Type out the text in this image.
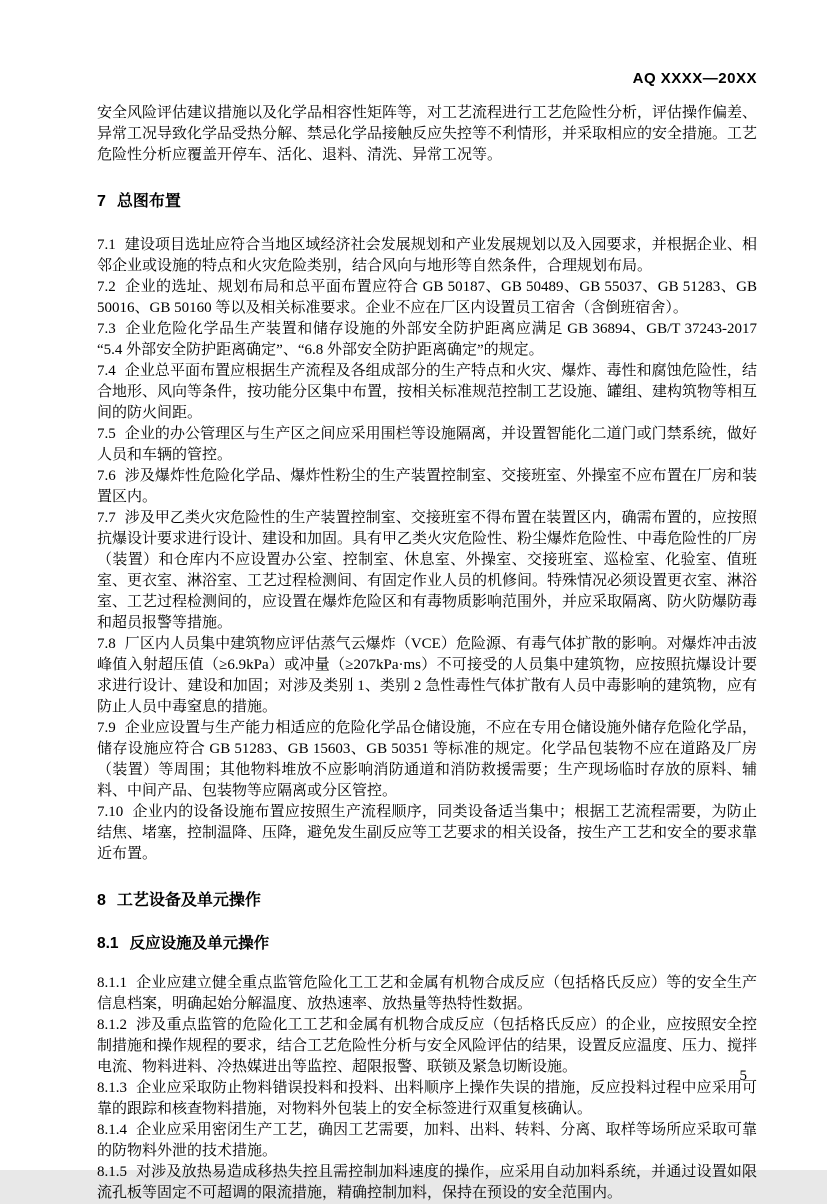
AQ XXXX—20XX

安全风险评估建议措施以及化学品相容性矩阵等，对工艺流程进行工艺危险性分析，评估操作偏差、异常工况导致化学品受热分解、禁忌化学品接触反应失控等不利情形，并采取相应的安全措施。工艺危险性分析应覆盖开停车、活化、退料、清洗、异常工况等。

7 总图布置

7.1 建设项目选址应符合当地区域经济社会发展规划和产业发展规划以及入园要求，并根据企业、相邻企业或设施的特点和火灾危险类别，结合风向与地形等自然条件，合理规划布局。

7.2 企业的选址、规划布局和总平面布置应符合 GB 50187、GB 50489、GB 55037、GB 51283、GB 50016、GB 50160 等以及相关标准要求。企业不应在厂区内设置员工宿舍（含倒班宿舍）。

7.3 企业危险化学品生产装置和储存设施的外部安全防护距离应满足 GB 36894、GB/T 37243-2017 “5.4 外部安全防护距离确定”、“6.8 外部安全防护距离确定”的规定。

7.4 企业总平面布置应根据生产流程及各组成部分的生产特点和火灾、爆炸、毒性和腐蚀危险性，结合地形、风向等条件，按功能分区集中布置，按相关标准规范控制工艺设施、罐组、建构筑物等相互间的防火间距。

7.5 企业的办公管理区与生产区之间应采用围栏等设施隔离，并设置智能化二道门或门禁系统，做好人员和车辆的管控。

7.6 涉及爆炸性危险化学品、爆炸性粉尘的生产装置控制室、交接班室、外操室不应布置在厂房和装置区内。

7.7 涉及甲乙类火灾危险性的生产装置控制室、交接班室不得布置在装置区内，确需布置的，应按照抗爆设计要求进行设计、建设和加固。具有甲乙类火灾危险性、粉尘爆炸危险性、中毒危险性的厂房（装置）和仓库内不应设置办公室、控制室、休息室、外操室、交接班室、巡检室、化验室、值班室、更衣室、淋浴室、工艺过程检测间、有固定作业人员的机修间。特殊情况必须设置更衣室、淋浴室、工艺过程检测间的，应设置在爆炸危险区和有毒物质影响范围外，并应采取隔离、防火防爆防毒和超员报警等措施。

7.8 厂区内人员集中建筑物应评估蒸气云爆炸（VCE）危险源、有毒气体扩散的影响。对爆炸冲击波峰值入射超压值（≥6.9kPa）或冲量（≥207kPa·ms）不可接受的人员集中建筑物，应按照抗爆设计要求进行设计、建设和加固；对涉及类别 1、类别 2 急性毒性气体扩散有人员中毒影响的建筑物，应有防止人员中毒窒息的措施。

7.9 企业应设置与生产能力相适应的危险化学品仓储设施，不应在专用仓储设施外储存危险化学品，储存设施应符合 GB 51283、GB 15603、GB 50351 等标准的规定。化学品包装物不应在道路及厂房（装置）等周围；其他物料堆放不应影响消防通道和消防救援需要；生产现场临时存放的原料、辅料、中间产品、包装物等应隔离或分区管控。

7.10 企业内的设备设施布置应按照生产流程顺序，同类设备适当集中；根据工艺流程需要，为防止结焦、堵塞，控制温降、压降，避免发生副反应等工艺要求的相关设备，按生产工艺和安全的要求靠近布置。

8 工艺设备及单元操作
8.1 反应设施及单元操作

8.1.1 企业应建立健全重点监管危险化工工艺和金属有机物合成反应（包括格氏反应）等的安全生产信息档案，明确起始分解温度、放热速率、放热量等热特性数据。

8.1.2 涉及重点监管的危险化工工艺和金属有机物合成反应（包括格氏反应）的企业，应按照安全控制措施和操作规程的要求，结合工艺危险性分析与安全风险评估的结果，设置反应温度、压力、搅拌电流、物料进料、冷热媒进出等监控、超限报警、联锁及紧急切断设施。

8.1.3 企业应采取防止物料错误投料和投料、出料顺序上操作失误的措施，反应投料过程中应采用可靠的跟踪和核查物料措施，对物料外包装上的安全标签进行双重复核确认。

8.1.4 企业应采用密闭生产工艺，确因工艺需要，加料、出料、转料、分离、取样等场所应采取可靠的防物料外泄的技术措施。

8.1.5 对涉及放热易造成移热失控且需控制加料速度的操作，应采用自动加料系统，并通过设置如限流孔板等固定不可超调的限流措施，精确控制加料，保持在预设的安全范围内。

5
